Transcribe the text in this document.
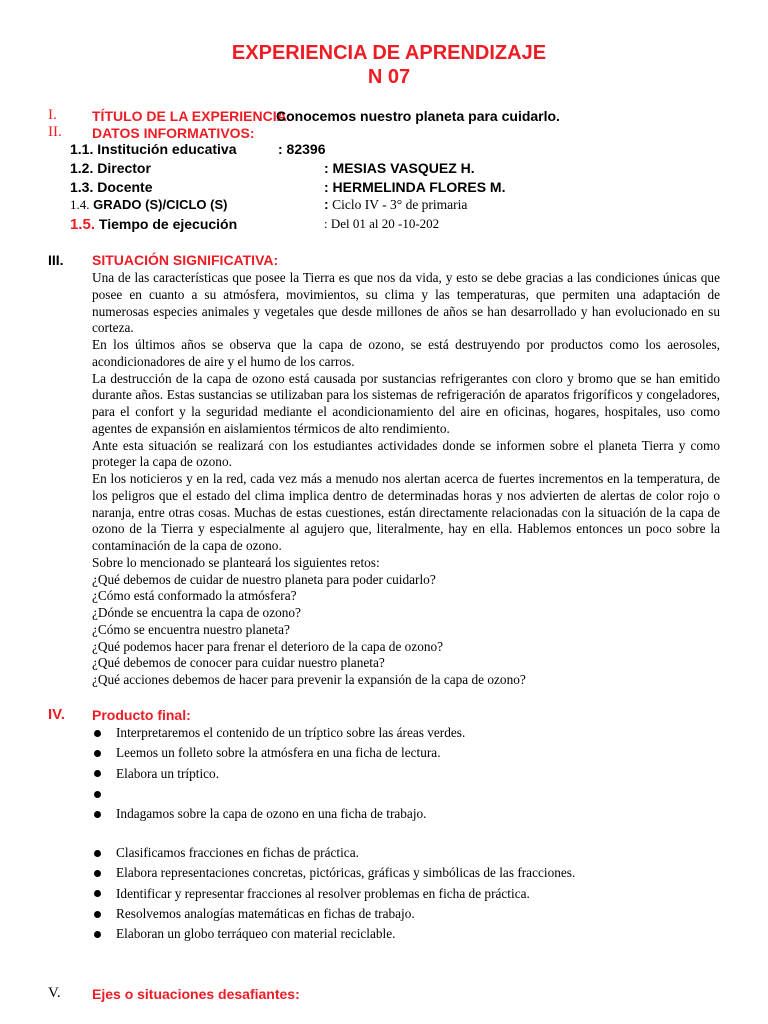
EXPERIENCIA DE APRENDIZAJE
N 07
I.	TÍTULO DE LA EXPERIENCIA:
Conocemos nuestro planeta para cuidarlo.
II. DATOS INFORMATIVOS:
1.1. Institución educativa	: 82396
1.2. Director	: MESIAS VASQUEZ H.
1.3. Docente	: HERMELINDA FLORES M.
1.4. GRADO (S)/CICLO (S)	: Ciclo IV - 3° de primaria
1.5. Tiempo de ejecución	: Del 01 al 20 -10-202
III. SITUACIÓN SIGNIFICATIVA:

Una de las características que posee la Tierra es que nos da vida, y esto se debe gracias a las condiciones únicas que posee en cuanto a su atmósfera, movimientos, su clima y las temperaturas, que permiten una adaptación de numerosas especies animales y vegetales que desde millones de años se han desarrollado y han evolucionado en su corteza.

En los últimos años se observa que la capa de ozono, se está destruyendo por productos como los aerosoles, acondicionadores de aire y el humo de los carros.

La destrucción de la capa de ozono está causada por sustancias refrigerantes con cloro y bromo que se han emitido durante años. Estas sustancias se utilizaban para los sistemas de refrigeración de aparatos frigoríficos y congeladores, para el confort y la seguridad mediante el acondicionamiento del aire en oficinas, hogares, hospitales, uso como agentes de expansión en aislamientos térmicos de alto rendimiento.

Ante esta situación se realizará con los estudiantes actividades donde se informen sobre el planeta Tierra y como proteger la capa de ozono.

En los noticieros y en la red, cada vez más a menudo nos alertan acerca de fuertes incrementos en la temperatura, de los peligros que el estado del clima implica dentro de determinadas horas y nos advierten de alertas de color rojo o naranja, entre otras cosas. Muchas de estas cuestiones, están directamente relacionadas con la situación de la capa de ozono de la Tierra y especialmente al agujero que, literalmente, hay en ella. Hablemos entonces un poco sobre la contaminación de la capa de ozono.

Sobre lo mencionado se planteará los siguientes retos:

¿Qué debemos de cuidar de nuestro planeta para poder cuidarlo?

¿Cómo está conformado la atmósfera?

¿Dónde se encuentra la capa de ozono?

¿Cómo se encuentra nuestro planeta?

¿Qué podemos hacer para frenar el deterioro de la capa de ozono?

¿Qué debemos de conocer para cuidar nuestro planeta?

¿Qué acciones debemos de hacer para prevenir la expansión de la capa de ozono?

IV. Producto final:
Interpretaremos el contenido de un tríptico sobre las áreas verdes.
Leemos un folleto sobre la atmósfera en una ficha de lectura.
Elabora un tríptico.
Indagamos sobre la capa de ozono en una ficha de trabajo.
Clasificamos fracciones en fichas de práctica.
Elabora representaciones concretas, pictóricas, gráficas y simbólicas de las fracciones.
Identificar y representar fracciones al resolver problemas en ficha de práctica.
Resolvemos analogías matemáticas en fichas de trabajo.
Elaboran un globo terráqueo con material reciclable.
V. Ejes o situaciones desafiantes:
